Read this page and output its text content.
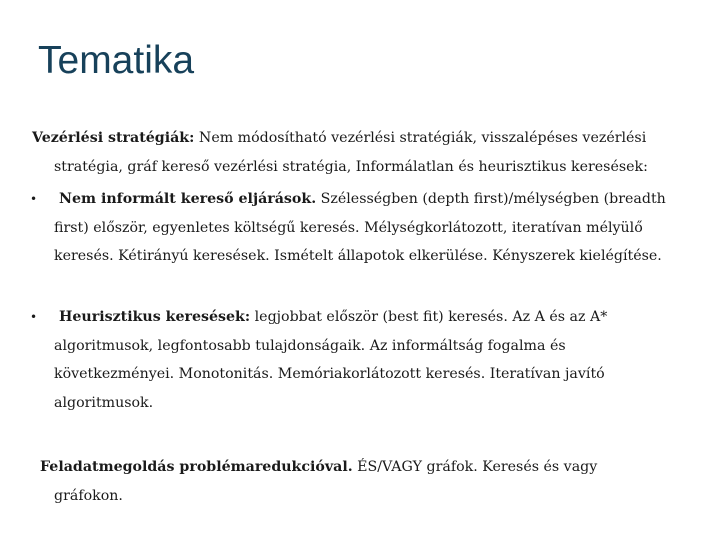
Tematika

Vezérlési stratégiák: Nem módosítható vezérlési stratégiák, visszalépéses vezérlési
stratégia, gráf kereső vezérlési stratégia, Informálatlan és heurisztikus keresések:

•	Nem informált kereső eljárások. Szélességben (depth first)/mélységben (breadth first) először, egyenletes költségű keresés. Mélységkorlátozott, iteratívan mélyülő keresés. Kétirányú keresések. Ismételt állapotok elkerülése. Kényszerek kielégítése.

•	Heurisztikus keresések: legjobbat először (best fit) keresés. Az A és az A* algoritmusok, legfontosabb tulajdonságaik. Az informáltság fogalma és következményei. Monotonitás. Memóriakorlátozott keresés. Iteratívan javító algoritmusok.

Feladatmegoldás problémaredukcióval. ÉS/VAGY gráfok. Keresés és vagy
gráfokon.
